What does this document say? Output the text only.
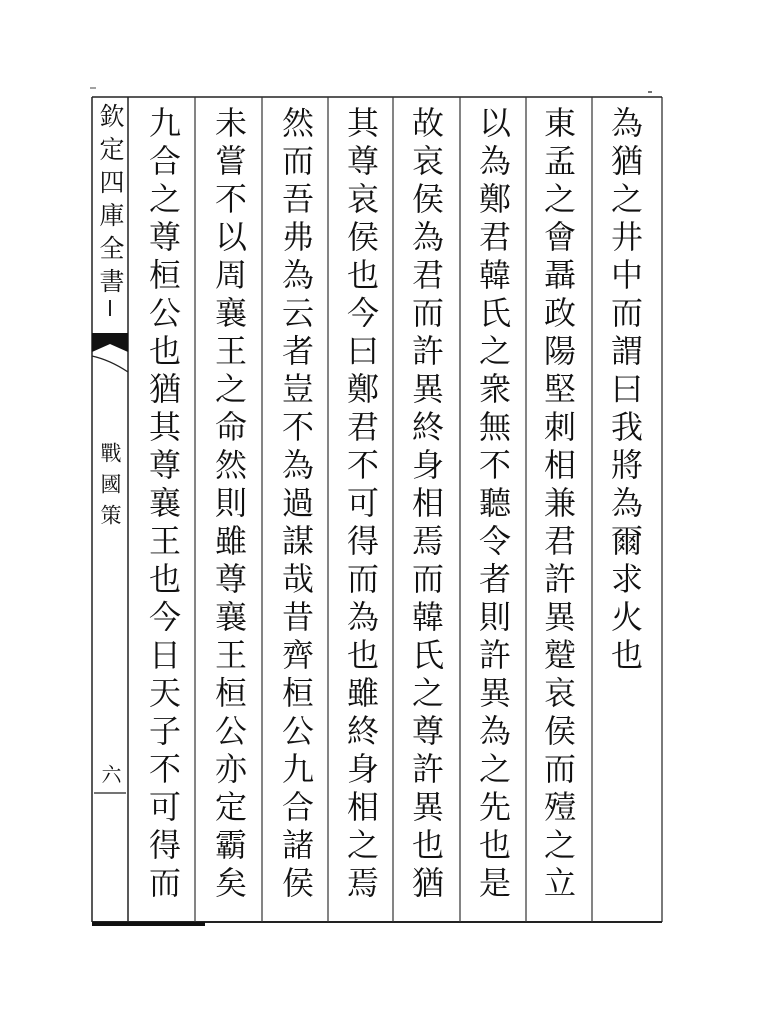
欽定四庫全書
戰國策
六
為猶之井中而謂曰我將為爾求火也
東孟之會聶政陽堅刺相兼君許異蹵哀侯而殪之立
以為鄭君韓氏之衆無不聽令者則許異為之先也是
故哀侯為君而許異終身相焉而韓氏之尊許異也猶
其尊哀侯也今曰鄭君不可得而為也雖終身相之焉
然而吾弗為云者豈不為過謀哉昔齊桓公九合諸侯
未嘗不以周襄王之命然則雖尊襄王桓公亦定霸矣
九合之尊桓公也猶其尊襄王也今日天子不可得而
